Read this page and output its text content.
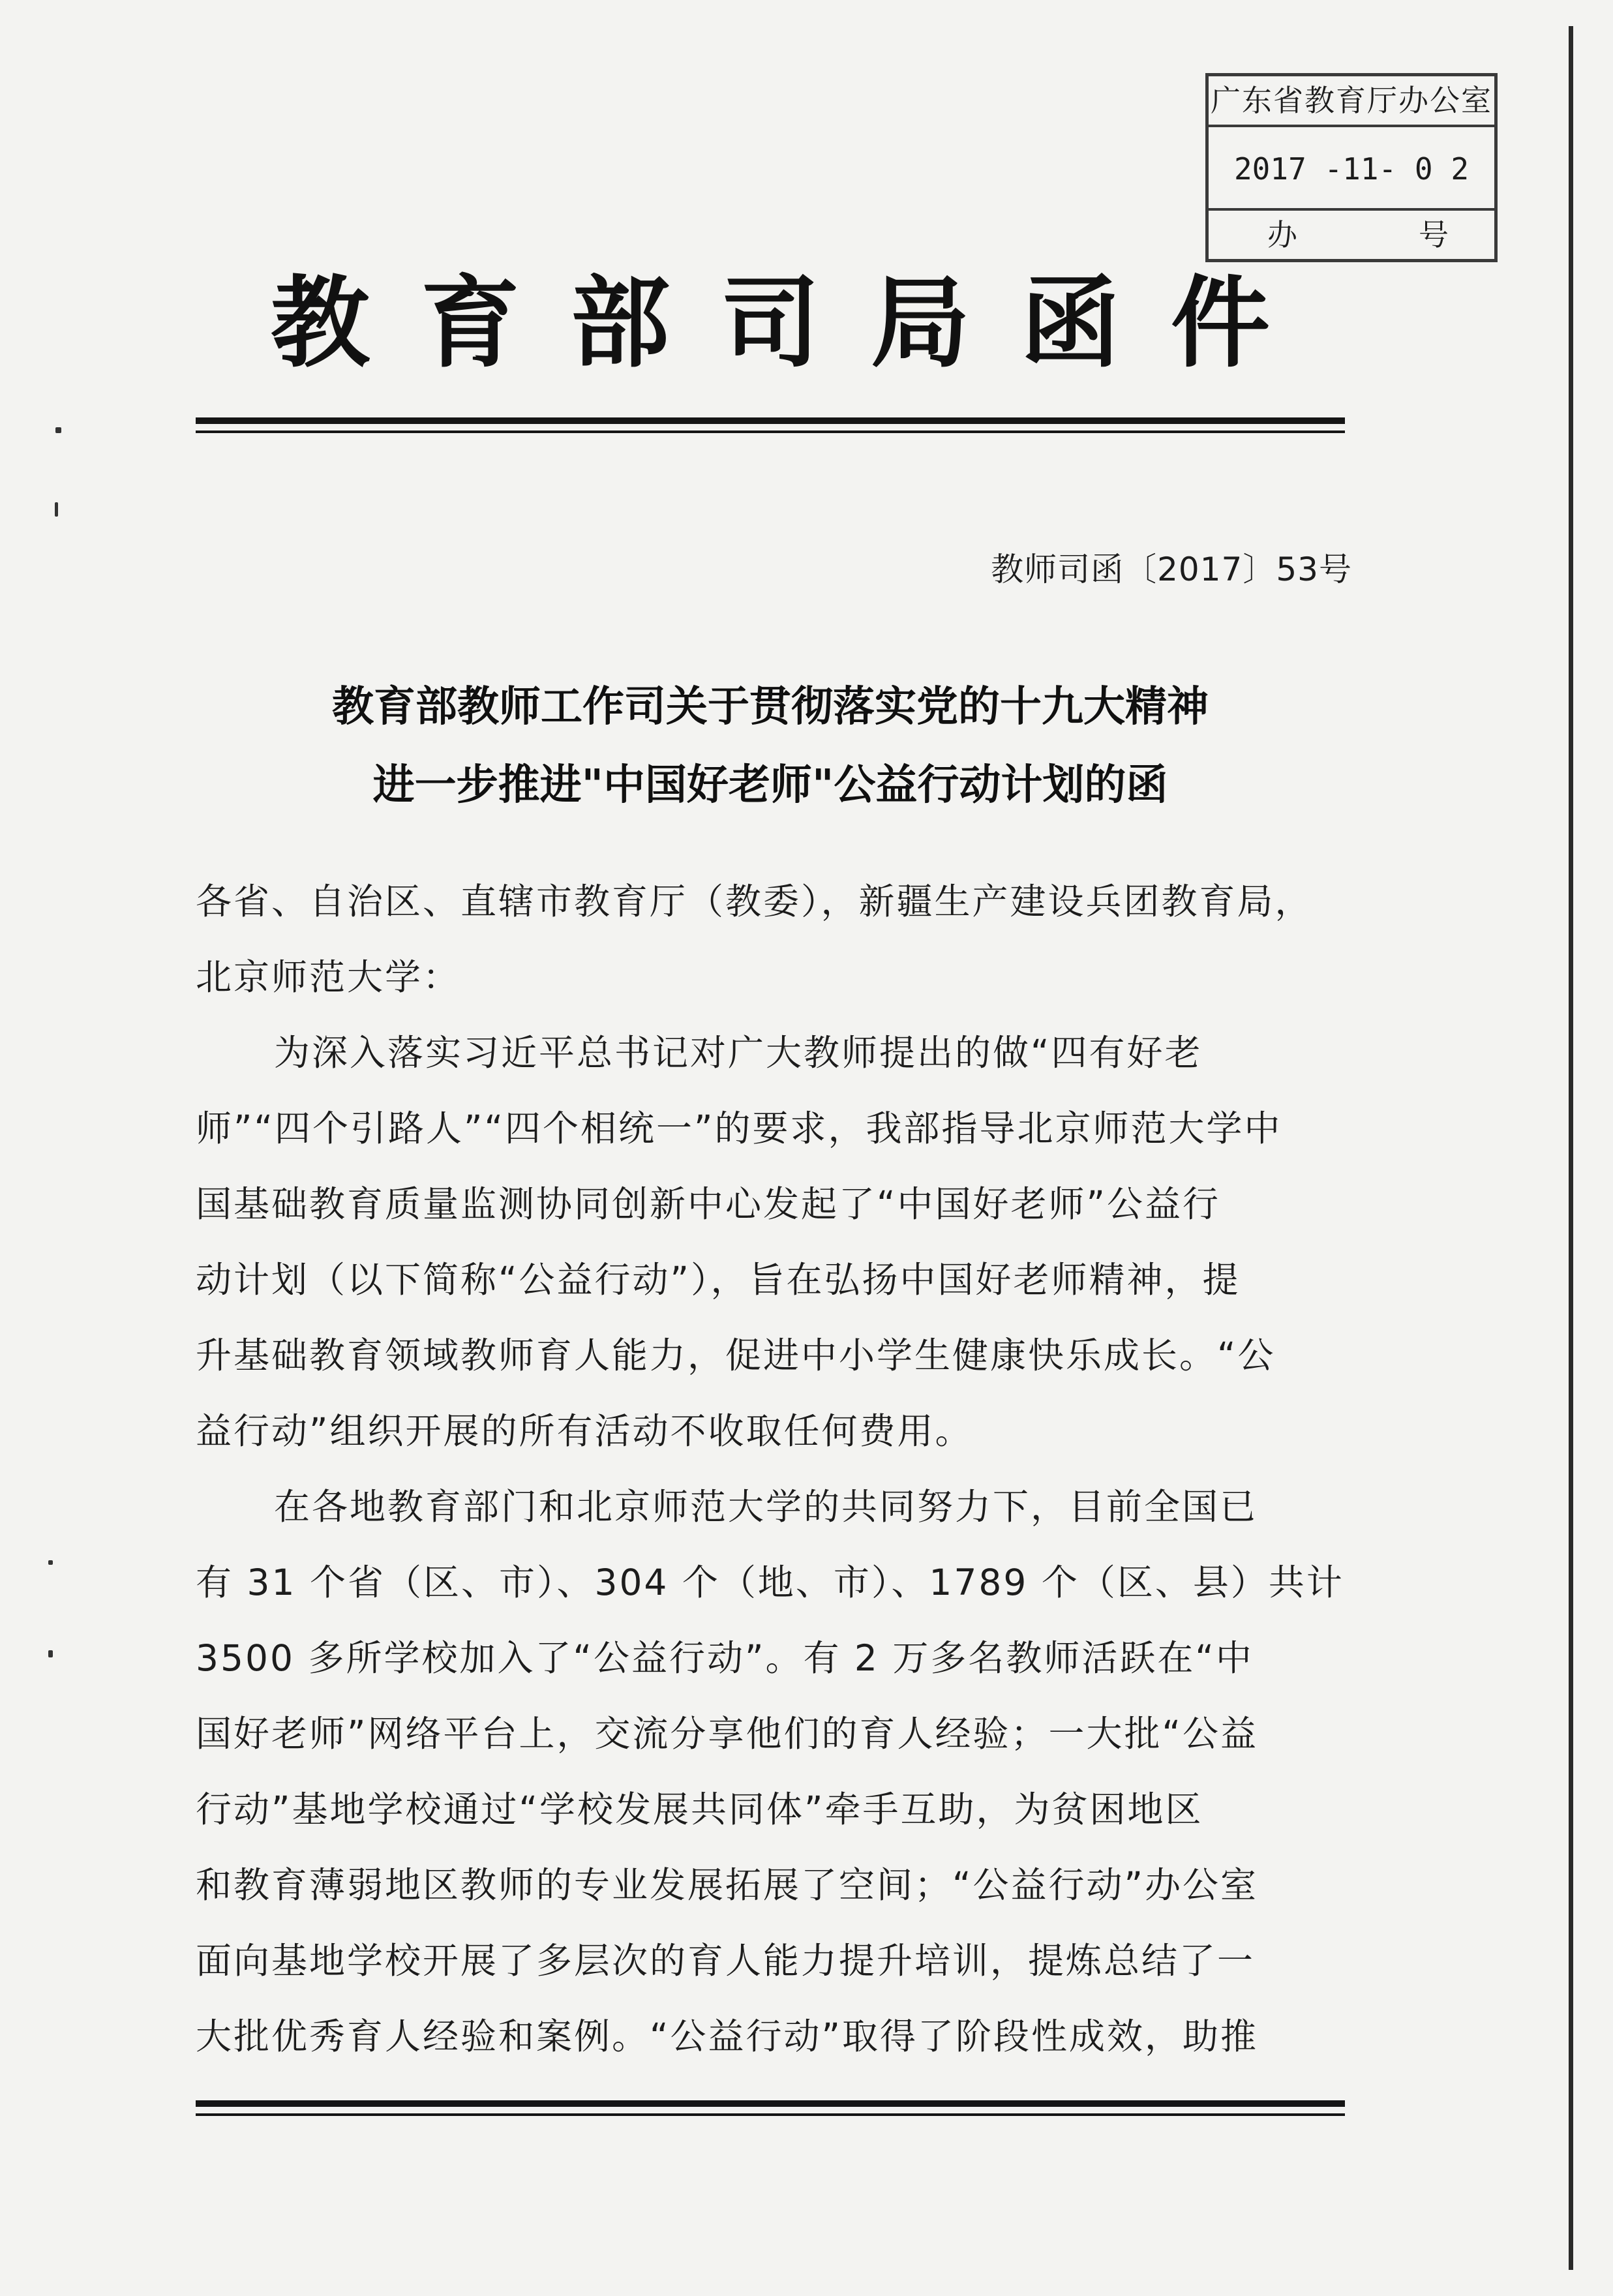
广东省教育厅办公室
2017 -11- 0 2
办	号
教育部司局函件
教师司函〔2017〕53号
教育部教师工作司关于贯彻落实党的十九大精神
进一步推进"中国好老师"公益行动计划的函
各省、自治区、直辖市教育厅（教委），新疆生产建设兵团教育局，
北京师范大学：
为深入落实习近平总书记对广大教师提出的做“四有好老
师”“四个引路人”“四个相统一”的要求，我部指导北京师范大学中
国基础教育质量监测协同创新中心发起了“中国好老师”公益行
动计划（以下简称“公益行动”），旨在弘扬中国好老师精神，提
升基础教育领域教师育人能力，促进中小学生健康快乐成长。“公
益行动”组织开展的所有活动不收取任何费用。
在各地教育部门和北京师范大学的共同努力下，目前全国已
有 31 个省（区、市）、304 个（地、市）、1789 个（区、县）共计
3500 多所学校加入了“公益行动”。有 2 万多名教师活跃在“中
国好老师”网络平台上，交流分享他们的育人经验；一大批“公益
行动”基地学校通过“学校发展共同体”牵手互助，为贫困地区
和教育薄弱地区教师的专业发展拓展了空间；“公益行动”办公室
面向基地学校开展了多层次的育人能力提升培训，提炼总结了一
大批优秀育人经验和案例。“公益行动”取得了阶段性成效，助推
